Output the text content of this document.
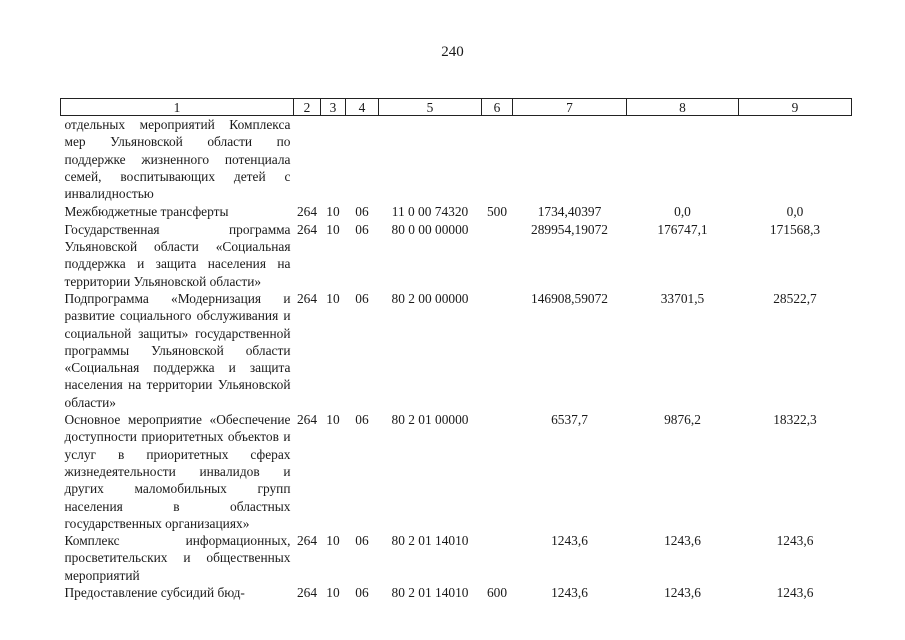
240
1	2	3	4	5	6	7	8	9
отдельных мероприятий Комплекса мер Ульяновской области по поддержке жизненного потенциала семей, воспитывающих детей с инвалидностью								
Межбюджетные трансферты	264	10	06	11 0 00 74320	500	1734,40397	0,0	0,0
Государственная программа Ульяновской области «Социальная поддержка и защита населения на территории Ульяновской области»	264	10	06	80 0 00 00000		289954,19072	176747,1	171568,3
Подпрограмма «Модернизация и развитие социального обслуживания и социальной защиты» государственной программы Ульяновской области «Социальная поддержка и защита населения на территории Ульяновской области»	264	10	06	80 2 00 00000		146908,59072	33701,5	28522,7
Основное мероприятие «Обеспечение доступности приоритетных объектов и услуг в приоритетных сферах жизнедеятельности инвалидов и других маломобильных групп населения в областных государственных организациях»	264	10	06	80 2 01 00000		6537,7	9876,2	18322,3
Комплекс информационных, просветительских и общественных мероприятий	264	10	06	80 2 01 14010		1243,6	1243,6	1243,6
Предоставление субсидий бюд-	264	10	06	80 2 01 14010	600	1243,6	1243,6	1243,6
